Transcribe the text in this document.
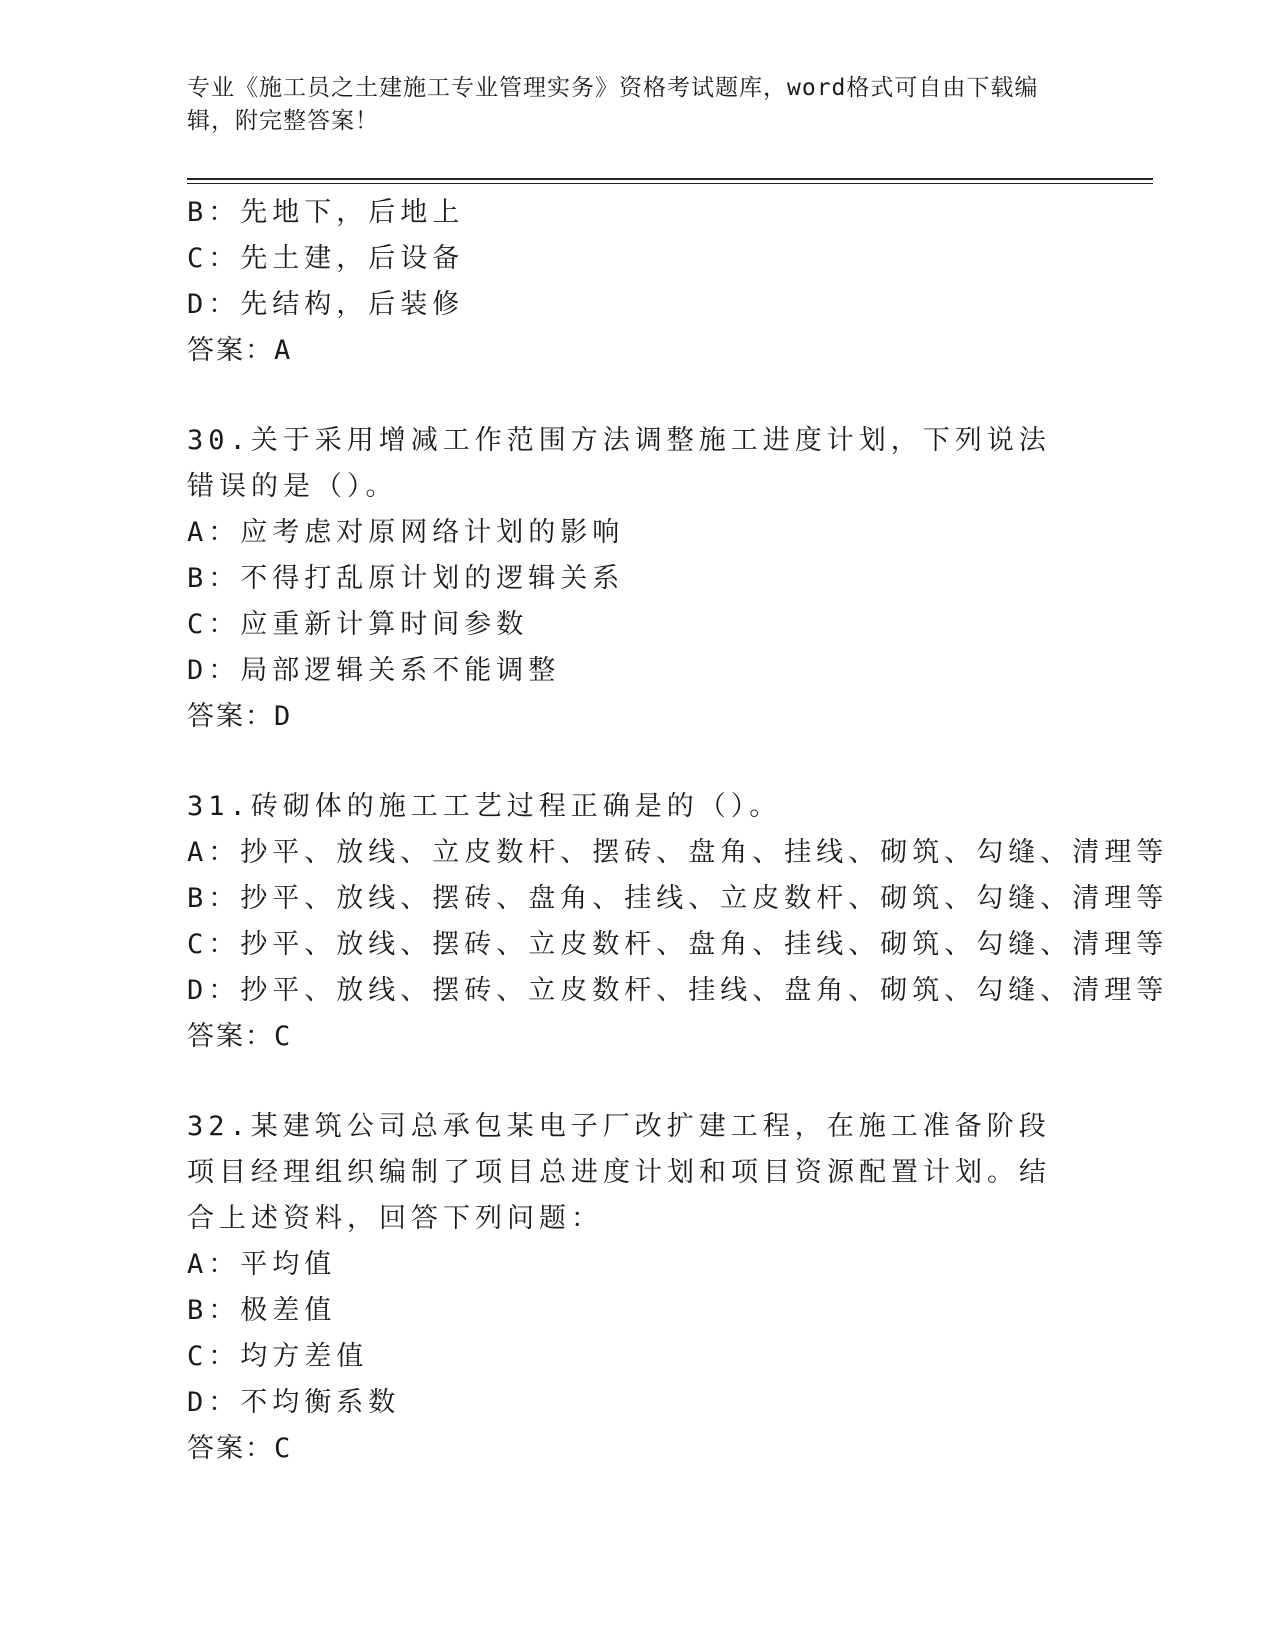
专业《施工员之土建施工专业管理实务》资格考试题库，word格式可自由下载编辑，附完整答案！

B：先地下，后地上

C：先土建，后设备

D：先结构，后装修

答案：A

30.关于采用增减工作范围方法调整施工进度计划，下列说法错误的是（）。

A：应考虑对原网络计划的影响

B：不得打乱原计划的逻辑关系

C：应重新计算时间参数

D：局部逻辑关系不能调整

答案：D

31.砖砌体的施工工艺过程正确是的（）。

A：抄平、放线、立皮数杆、摆砖、盘角、挂线、砌筑、勾缝、清理等

B：抄平、放线、摆砖、盘角、挂线、立皮数杆、砌筑、勾缝、清理等

C：抄平、放线、摆砖、立皮数杆、盘角、挂线、砌筑、勾缝、清理等

D：抄平、放线、摆砖、立皮数杆、挂线、盘角、砌筑、勾缝、清理等

答案：C

32.某建筑公司总承包某电子厂改扩建工程，在施工准备阶段项目经理组织编制了项目总进度计划和项目资源配置计划。结合上述资料，回答下列问题：

A：平均值

B：极差值

C：均方差值

D：不均衡系数

答案：C
